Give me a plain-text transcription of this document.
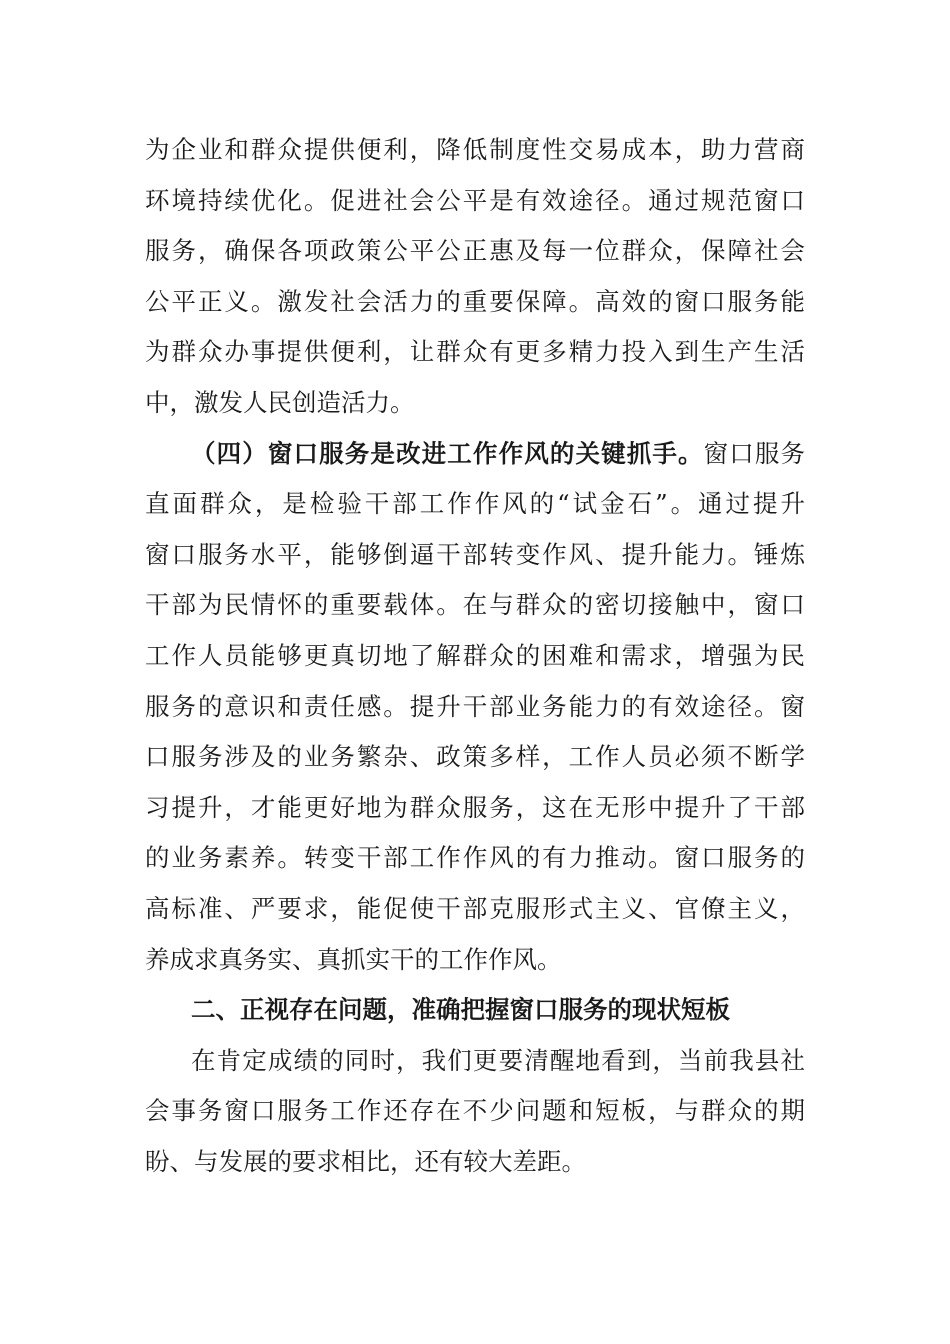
为企业和群众提供便利，降低制度性交易成本，助力营商
环境持续优化。促进社会公平是有效途径。通过规范窗口
服务，确保各项政策公平公正惠及每一位群众，保障社会
公平正义。激发社会活力的重要保障。高效的窗口服务能
为群众办事提供便利，让群众有更多精力投入到生产生活
中，激发人民创造活力。
（四）窗口服务是改进工作作风的关键抓手。窗口服务
直面群众，是检验干部工作作风的“试金石”。通过提升
窗口服务水平，能够倒逼干部转变作风、提升能力。锤炼
干部为民情怀的重要载体。在与群众的密切接触中，窗口
工作人员能够更真切地了解群众的困难和需求，增强为民
服务的意识和责任感。提升干部业务能力的有效途径。窗
口服务涉及的业务繁杂、政策多样，工作人员必须不断学
习提升，才能更好地为群众服务，这在无形中提升了干部
的业务素养。转变干部工作作风的有力推动。窗口服务的
高标准、严要求，能促使干部克服形式主义、官僚主义，
养成求真务实、真抓实干的工作作风。
二、正视存在问题，准确把握窗口服务的现状短板
在肯定成绩的同时，我们更要清醒地看到，当前我县社
会事务窗口服务工作还存在不少问题和短板，与群众的期
盼、与发展的要求相比，还有较大差距。
